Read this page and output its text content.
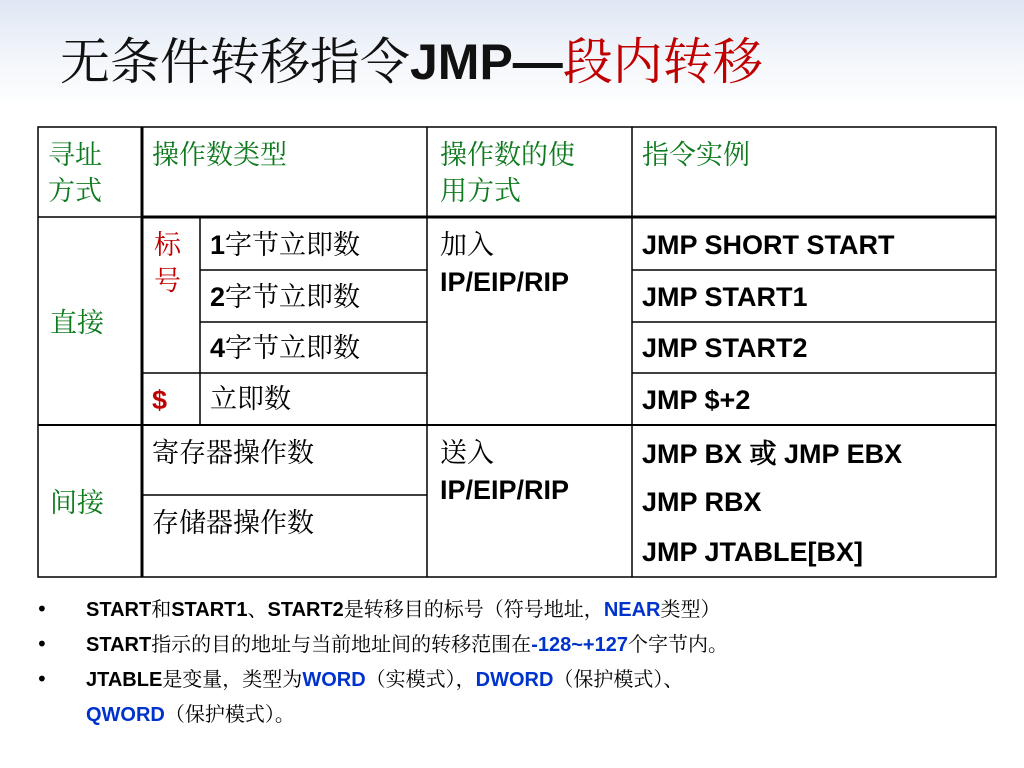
无条件转移指令JMP—段内转移
寻址
方式
操作数类型	操作数的使
用方式
指令实例
直接
标
号
$
1字节立即数
2字节立即数
4字节立即数
立即数
加入
IP/EIP/RIP
JMP SHORT START
JMP START1
JMP START2
JMP $+2
间接
寄存器操作数
存储器操作数
送入
IP/EIP/RIP
JMP BX 或 JMP EBX
JMP RBX
JMP JTABLE[BX]
• START和START1、START2是转移目的标号（符号地址，NEAR类型）
• START指示的目的地址与当前地址间的转移范围在-128~+127个字节内。
• JTABLE是变量，类型为WORD（实模式），DWORD（保护模式）、
QWORD（保护模式）。
